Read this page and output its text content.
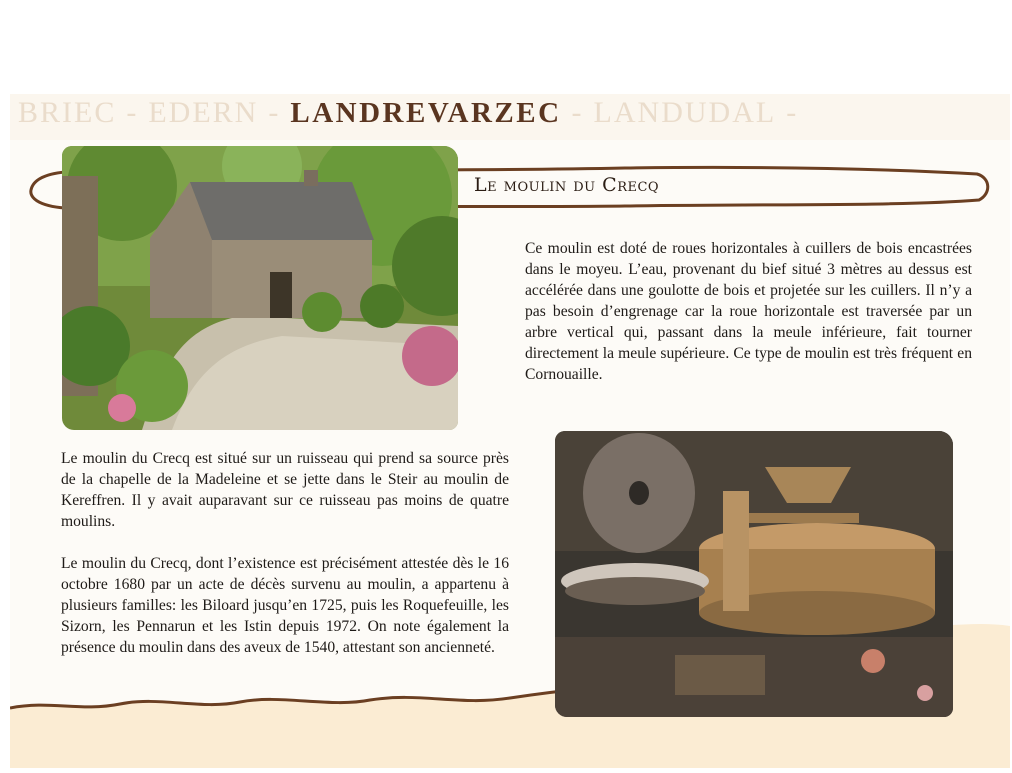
BRIEC - EDERN - LANDREVARZEC - LANDUDAL -
Le moulin du Crecq
Ce moulin est doté de roues horizontales à cuillers de bois encastrées dans le moyeu. L’eau, provenant du bief situé 3 mètres au dessus est accélérée dans une goulotte de bois et projetée sur les cuillers. Il n’y a pas besoin d’engrenage car la roue horizontale est traversée par un arbre vertical qui, passant dans la meule inférieure, fait tourner directement la meule supérieure. Ce type de moulin est très fréquent en Cornouaille.

Le moulin du Crecq est situé sur un ruisseau qui prend sa source près de la chapelle de la Madeleine et se jette dans le Steir au moulin de Kereffren. Il y avait auparavant sur ce ruisseau pas moins de quatre moulins.

Le moulin du Crecq, dont l’existence est précisément attestée dès le 16 octobre 1680 par un acte de décès survenu au moulin, a appartenu à plusieurs familles: les Biloard jusqu’en 1725, puis les Roquefeuille, les Sizorn, les Pennarun et les Istin depuis 1972. On note également la présence du moulin dans des aveux de 1540, attestant son ancienneté.
